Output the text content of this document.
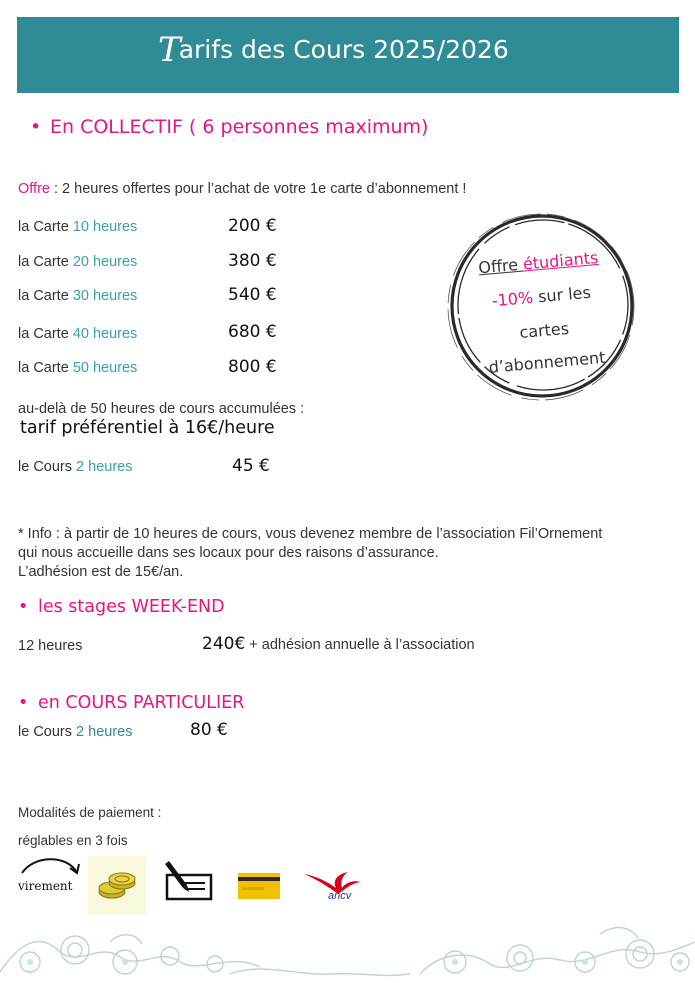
Tarifs des Cours 2025/2026
• En COLLECTIF ( 6 personnes maximum)
Offre : 2 heures offertes pour l’achat de votre 1e carte d’abonnement !
la Carte 10 heures	200 €
la Carte 20 heures	380 €
la Carte 30 heures	540 €
la Carte 40 heures	680 €
la Carte 50 heures	800 €
au-delà de 50 heures de cours accumulées :
tarif préférentiel à 16€/heure
le Cours 2 heures	45 €
Offre étudiants
-10% sur les
cartes
d’abonnement
* Info : à partir de 10 heures de cours, vous devenez membre de l’association Fil’Ornement
qui nous accueille dans ses locaux pour des raisons d’assurance.
L’adhésion est de 15€/an.
• les stages WEEK-END
12 heures	240€ + adhésion annuelle à l’association
• en COURS PARTICULIER
le Cours 2 heures	80 €
Modalités de paiement :
réglables en 3 fois
virement
ancv
